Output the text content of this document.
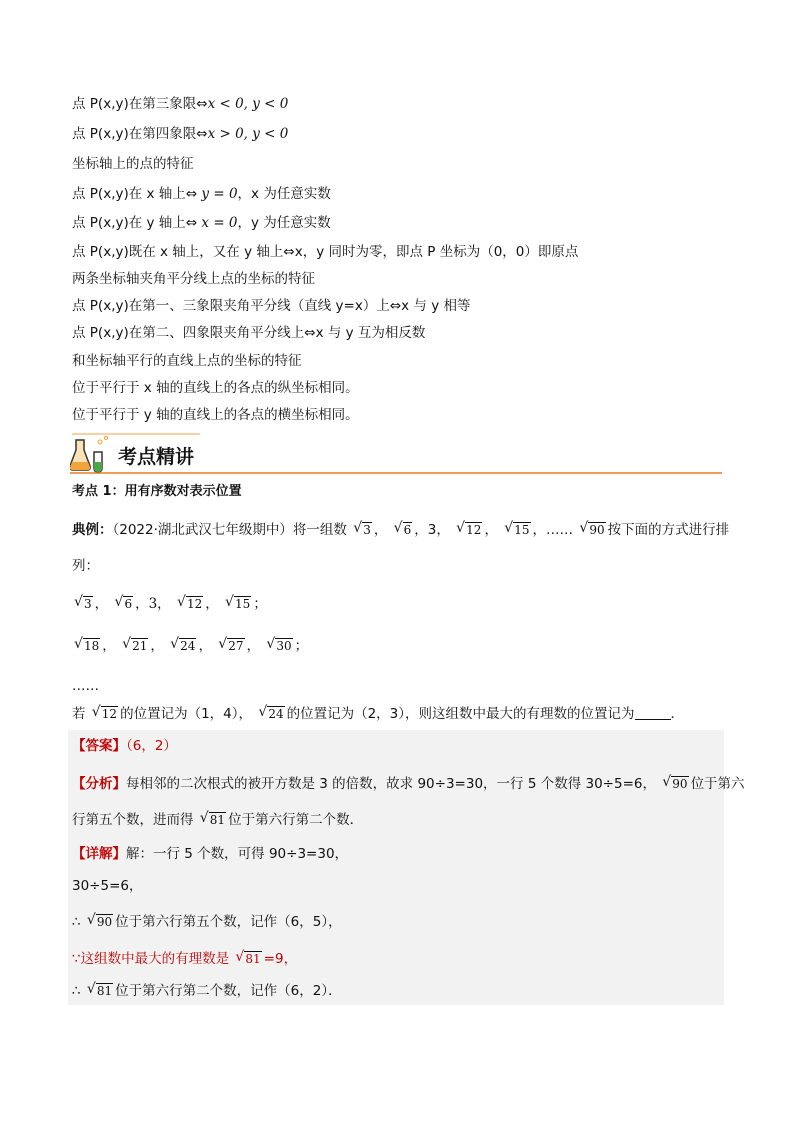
点 P(x,y)在第三象限⇔x < 0, y < 0
点 P(x,y)在第四象限⇔x > 0, y < 0
坐标轴上的点的特征
点 P(x,y)在 x 轴上⇔ y = 0，x 为任意实数
点 P(x,y)在 y 轴上⇔ x = 0，y 为任意实数
点 P(x,y)既在 x 轴上，又在 y 轴上⇔x，y 同时为零，即点 P 坐标为（0，0）即原点
两条坐标轴夹角平分线上点的坐标的特征
点 P(x,y)在第一、三象限夹角平分线（直线 y=x）上⇔x 与 y 相等
点 P(x,y)在第二、四象限夹角平分线上⇔x 与 y 互为相反数
和坐标轴平行的直线上点的坐标的特征
位于平行于 x 轴的直线上的各点的纵坐标相同。
位于平行于 y 轴的直线上的各点的横坐标相同。
考点精讲
考点 1：用有序数对表示位置
典例：（2022·湖北武汉七年级期中）将一组数 √ 3 ， √ 6 ，3， √ 12 ， √ 15 ，…… √ 90 按下面的方式进行排
列：
√ 3 ， √ 6 ，3， √ 12 ， √ 15 ；
√ 18 ， √ 21 ， √ 24 ， √ 27 ， √ 30 ；
……
若 √ 12 的位置记为（1，4）， √ 24 的位置记为（2，3），则这组数中最大的有理数的位置记为	．
【答案】（6，2）
【分析】每相邻的二次根式的被开方数是 3 的倍数，故求 90÷3=30，一行 5 个数得 30÷5=6， √ 90 位于第六
行第五个数，进而得 √ 81 位于第六行第二个数．
【详解】解：一行 5 个数，可得 90÷3=30，
30÷5=6，
∴ √ 90 位于第六行第五个数，记作（6，5），
∵这组数中最大的有理数是 √ 81 =9，
∴ √ 81 位于第六行第二个数，记作（6，2）．
